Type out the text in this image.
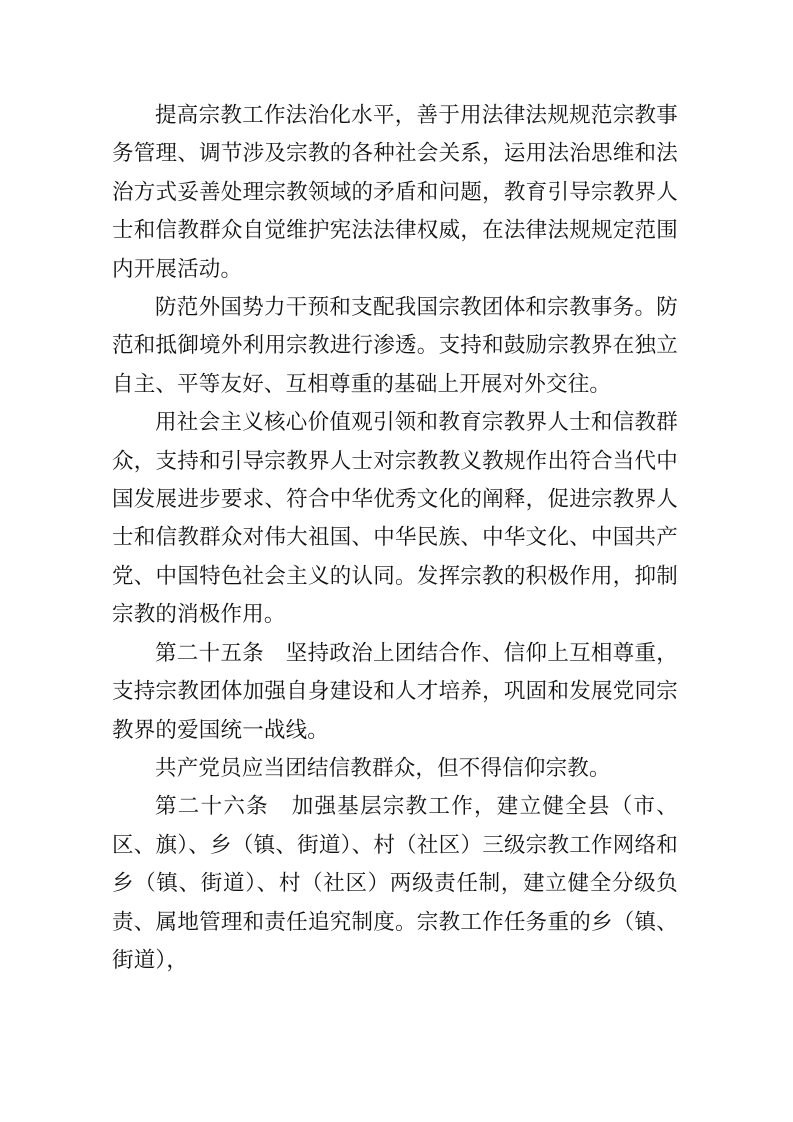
提高宗教工作法治化水平，善于用法律法规规范宗教事务管理、调节涉及宗教的各种社会关系，运用法治思维和法治方式妥善处理宗教领域的矛盾和问题，教育引导宗教界人士和信教群众自觉维护宪法法律权威，在法律法规规定范围内开展活动。

防范外国势力干预和支配我国宗教团体和宗教事务。防范和抵御境外利用宗教进行渗透。支持和鼓励宗教界在独立自主、平等友好、互相尊重的基础上开展对外交往。

用社会主义核心价值观引领和教育宗教界人士和信教群众，支持和引导宗教界人士对宗教教义教规作出符合当代中国发展进步要求、符合中华优秀文化的阐释，促进宗教界人士和信教群众对伟大祖国、中华民族、中华文化、中国共产党、中国特色社会主义的认同。发挥宗教的积极作用，抑制宗教的消极作用。

第二十五条　坚持政治上团结合作、信仰上互相尊重，支持宗教团体加强自身建设和人才培养，巩固和发展党同宗教界的爱国统一战线。

共产党员应当团结信教群众，但不得信仰宗教。

第二十六条　加强基层宗教工作，建立健全县（市、区、旗）、乡（镇、街道）、村（社区）三级宗教工作网络和乡（镇、街道）、村（社区）两级责任制，建立健全分级负责、属地管理和责任追究制度。宗教工作任务重的乡（镇、街道），
